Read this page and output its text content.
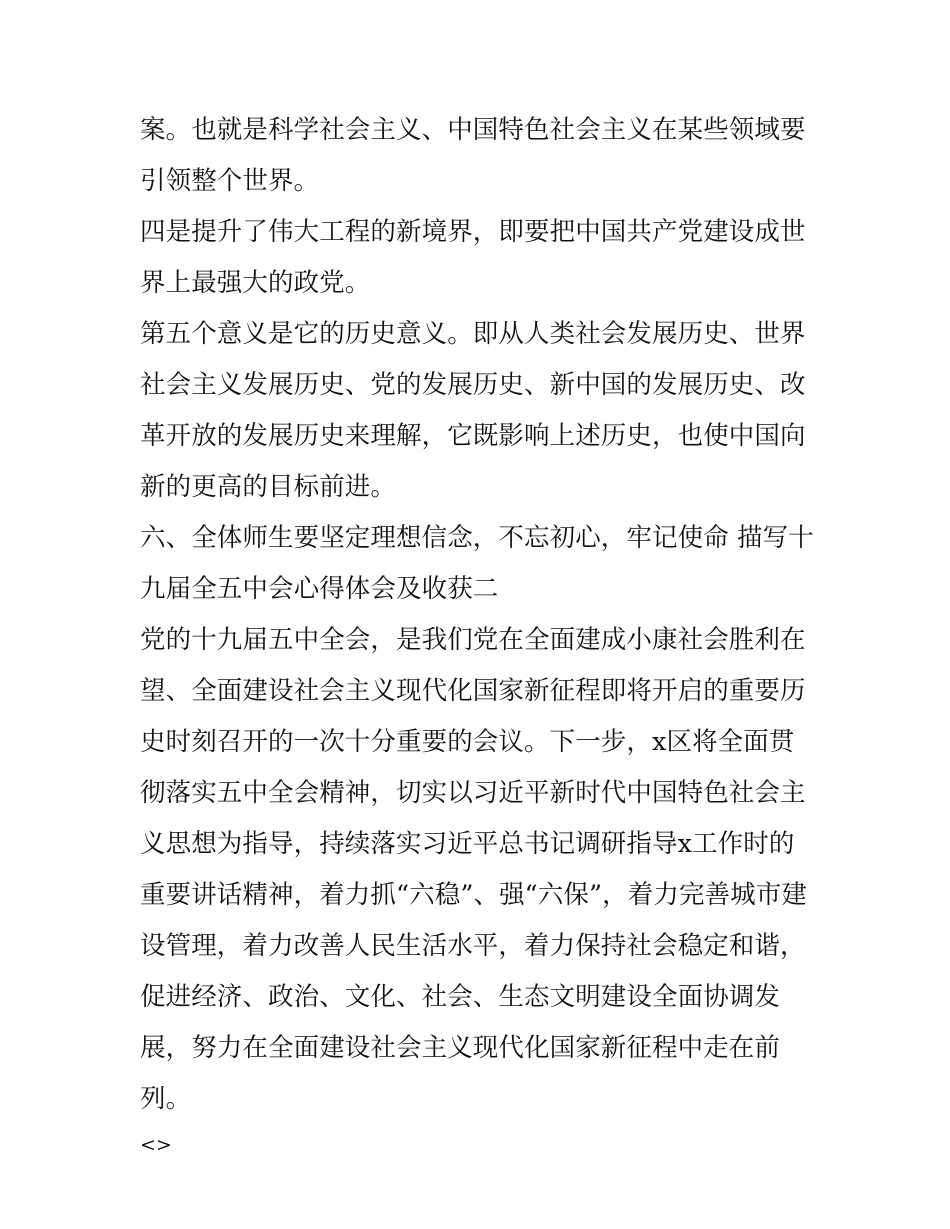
案。也就是科学社会主义、中国特色社会主义在某些领域要引领整个世界。

四是提升了伟大工程的新境界，即要把中国共产党建设成世界上最强大的政党。

第五个意义是它的历史意义。即从人类社会发展历史、世界社会主义发展历史、党的发展历史、新中国的发展历史、改革开放的发展历史来理解，它既影响上述历史，也使中国向新的更高的目标前进。

六、全体师生要坚定理想信念，不忘初心，牢记使命 描写十九届全五中会心得体会及收获二

党的十九届五中全会，是我们党在全面建成小康社会胜利在望、全面建设社会主义现代化国家新征程即将开启的重要历史时刻召开的一次十分重要的会议。下一步，x区将全面贯彻落实五中全会精神，切实以习近平新时代中国特色社会主义思想为指导，持续落实习近平总书记调研指导x工作时的重要讲话精神，着力抓“六稳”、强“六保”，着力完善城市建设管理，着力改善人民生活水平，着力保持社会稳定和谐，促进经济、政治、文化、社会、生态文明建设全面协调发展，努力在全面建设社会主义现代化国家新征程中走在前列。

<>
